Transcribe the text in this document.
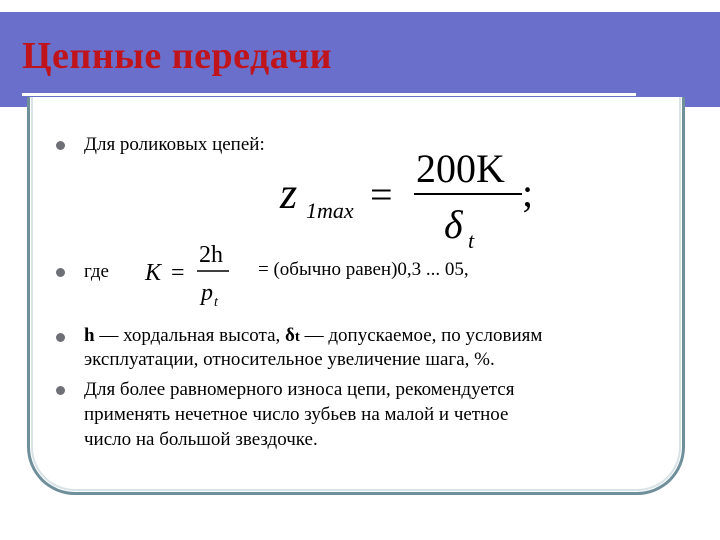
Цепные передачи
Для роликовых цепей:
z 1max =
200K
δ t
;
где K =
2h
p t
= (обычно равен)0,3 ... 05,
h — хордальная высота, δt — допускаемое, по условиям
эксплуатации, относительное увеличение шага, %.
Для более равномерного износа цепи, рекомендуется
применять нечетное число зубьев на малой и четное
число на большой звездочке.
